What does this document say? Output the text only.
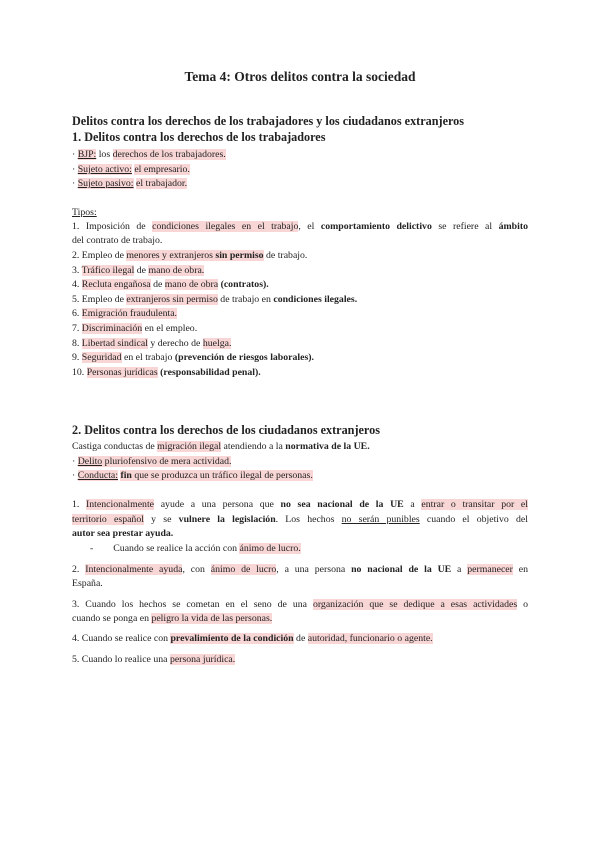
Tema 4: Otros delitos contra la sociedad
Delitos contra los derechos de los trabajadores y los ciudadanos extranjeros
1. Delitos contra los derechos de los trabajadores
· BJP: los derechos de los trabajadores.
· Sujeto activo: el empresario.
· Sujeto pasivo: el trabajador.
Tipos:
1. Imposición de condiciones ilegales en el trabajo, el comportamiento delictivo se refiere al ámbito
del contrato de trabajo.
2. Empleo de menores y extranjeros sin permiso de trabajo.
3. Tráfico ilegal de mano de obra.
4. Recluta engañosa de mano de obra (contratos).
5. Empleo de extranjeros sin permiso de trabajo en condiciones ilegales.
6. Emigración fraudulenta.
7. Discriminación en el empleo.
8. Libertad sindical y derecho de huelga.
9. Seguridad en el trabajo (prevención de riesgos laborales).
10. Personas jurídicas (responsabilidad penal).
2. Delitos contra los derechos de los ciudadanos extranjeros
Castiga conductas de migración ilegal atendiendo a la normativa de la UE.
· Delito pluriofensivo de mera actividad.
· Conducta: fin que se produzca un tráfico ilegal de personas.
1. Intencionalmente ayude a una persona que no sea nacional de la UE a entrar o transitar por el
territorio español y se vulnere la legislación. Los hechos no serán punibles cuando el objetivo del
autor sea prestar ayuda.
- Cuando se realice la acción con ánimo de lucro.
2. Intencionalmente ayuda, con ánimo de lucro, a una persona no nacional de la UE a permanecer en
España.
3. Cuando los hechos se cometan en el seno de una organización que se dedique a esas actividades o
cuando se ponga en peligro la vida de las personas.
4. Cuando se realice con prevalimiento de la condición de autoridad, funcionario o agente.
5. Cuando lo realice una persona jurídica.
